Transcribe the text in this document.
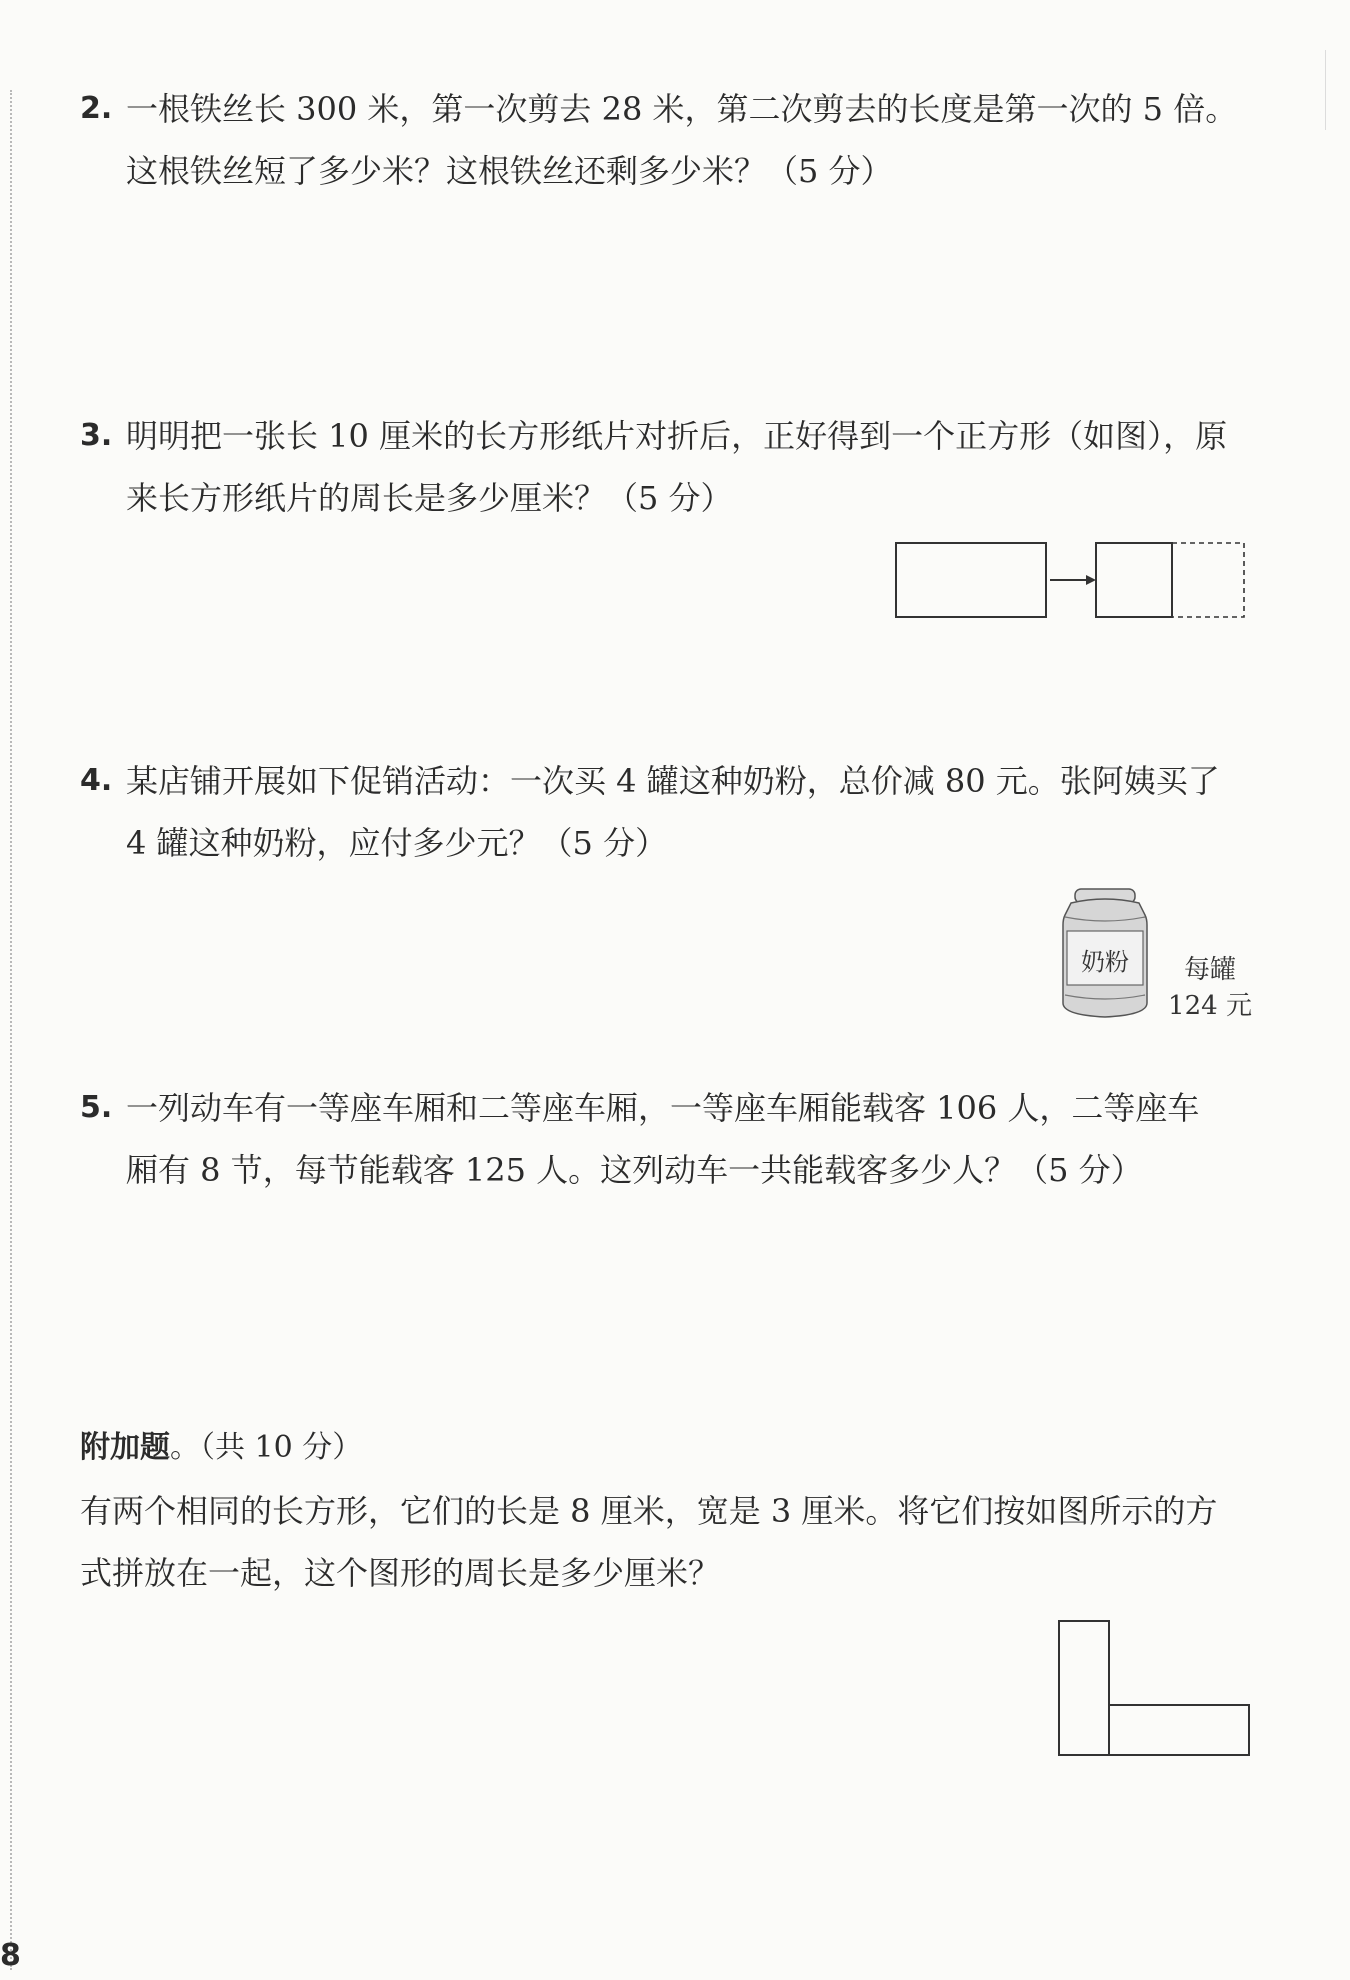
2. 一根铁丝长 300 米，第一次剪去 28 米，第二次剪去的长度是第一次的 5 倍。
这根铁丝短了多少米？这根铁丝还剩多少米？（5 分）
3. 明明把一张长 10 厘米的长方形纸片对折后，正好得到一个正方形（如图），原
来长方形纸片的周长是多少厘米？（5 分）
4. 某店铺开展如下促销活动：一次买 4 罐这种奶粉，总价减 80 元。张阿姨买了
4 罐这种奶粉，应付多少元？（5 分）
奶粉	每罐
124 元
5. 一列动车有一等座车厢和二等座车厢，一等座车厢能载客 106 人，二等座车
厢有 8 节，每节能载客 125 人。这列动车一共能载客多少人？（5 分）
附加题。（共 10 分）
有两个相同的长方形，它们的长是 8 厘米，宽是 3 厘米。将它们按如图所示的方
式拼放在一起，这个图形的周长是多少厘米？
8
